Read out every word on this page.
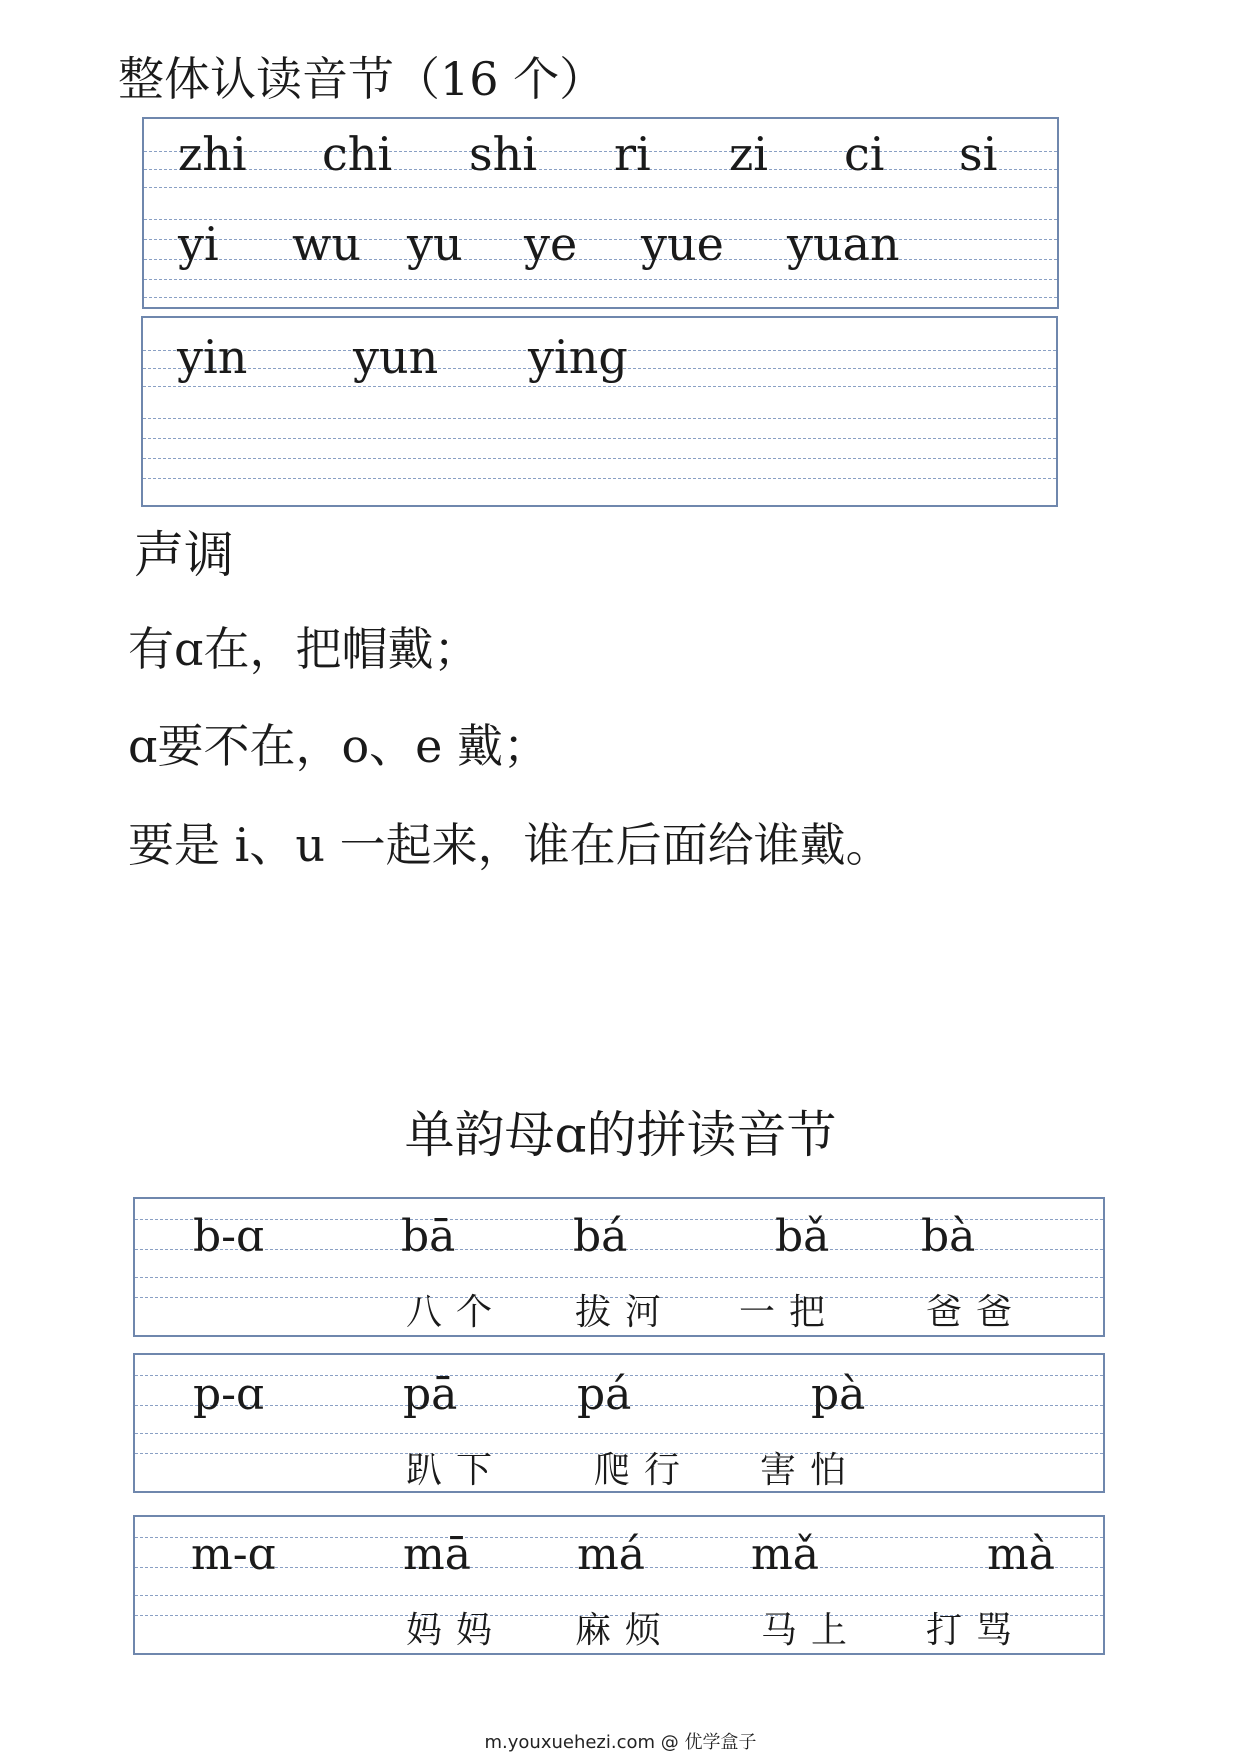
整体认读音节（16 个）
zhi chi shi ri zi ci si
yi wu yu ye yue yuan
yin yun ying
声调
有ɑ在，把帽戴；
ɑ要不在，o、e 戴；
要是 i、u 一起来，谁在后面给谁戴。
单韵母ɑ的拼读音节
b-ɑ	bā	bá	bǎ bà
八个 拔河 一把 爸爸
p-ɑ	pā	pá	pà
趴下 爬行 害怕
m-ɑ	mā má mǎ	mà
妈妈 麻烦 马上 打骂
m.youxuehezi.com @ 优学盒子
